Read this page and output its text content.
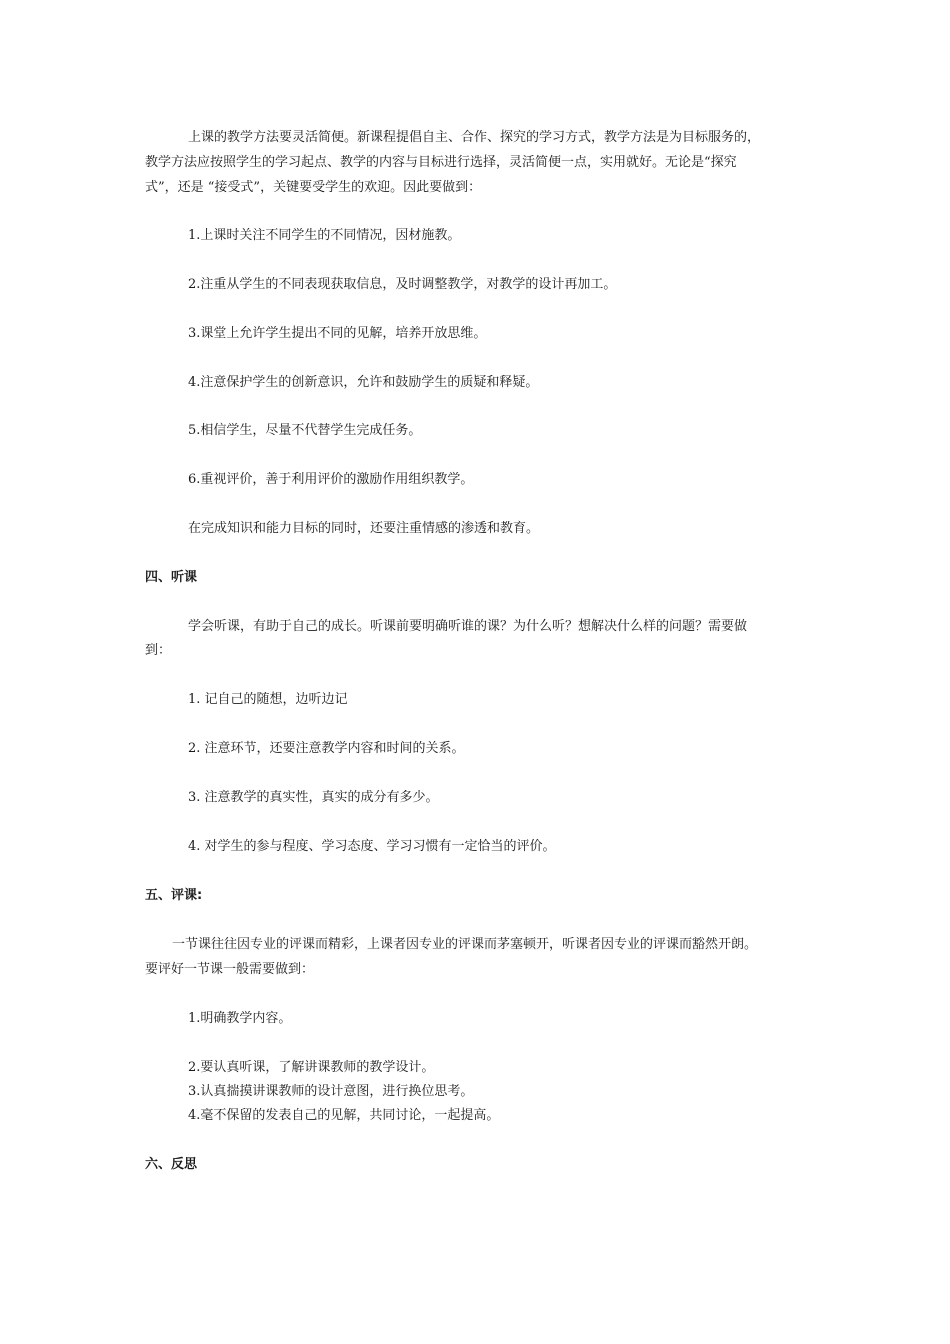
上课的教学方法要灵活简便。新课程提倡自主、合作、探究的学习方式，教学方法是为目标服务的，
教学方法应按照学生的学习起点、教学的内容与目标进行选择，灵活简便一点，实用就好。无论是“探究
式”，还是 “接受式”，关键要受学生的欢迎。因此要做到：
1.上课时关注不同学生的不同情况，因材施教。
2.注重从学生的不同表现获取信息，及时调整教学，对教学的设计再加工。
3.课堂上允许学生提出不同的见解，培养开放思维。
4.注意保护学生的创新意识，允许和鼓励学生的质疑和释疑。
5.相信学生，尽量不代替学生完成任务。
6.重视评价，善于利用评价的激励作用组织教学。
在完成知识和能力目标的同时，还要注重情感的渗透和教育。
四、听课
学会听课，有助于自己的成长。听课前要明确听谁的课？为什么听？想解决什么样的问题？需要做
到：
1. 记自己的随想，边听边记
2. 注意环节，还要注意教学内容和时间的关系。
3. 注意教学的真实性，真实的成分有多少。
4. 对学生的参与程度、学习态度、学习习惯有一定恰当的评价。
五、评课:
一节课往往因专业的评课而精彩，上课者因专业的评课而茅塞顿开，听课者因专业的评课而豁然开朗。
要评好一节课一般需要做到：
1.明确教学内容。
2.要认真听课，了解讲课教师的教学设计。
3.认真揣摸讲课教师的设计意图，进行换位思考。
4.毫不保留的发表自己的见解，共同讨论，一起提高。
六、反思
